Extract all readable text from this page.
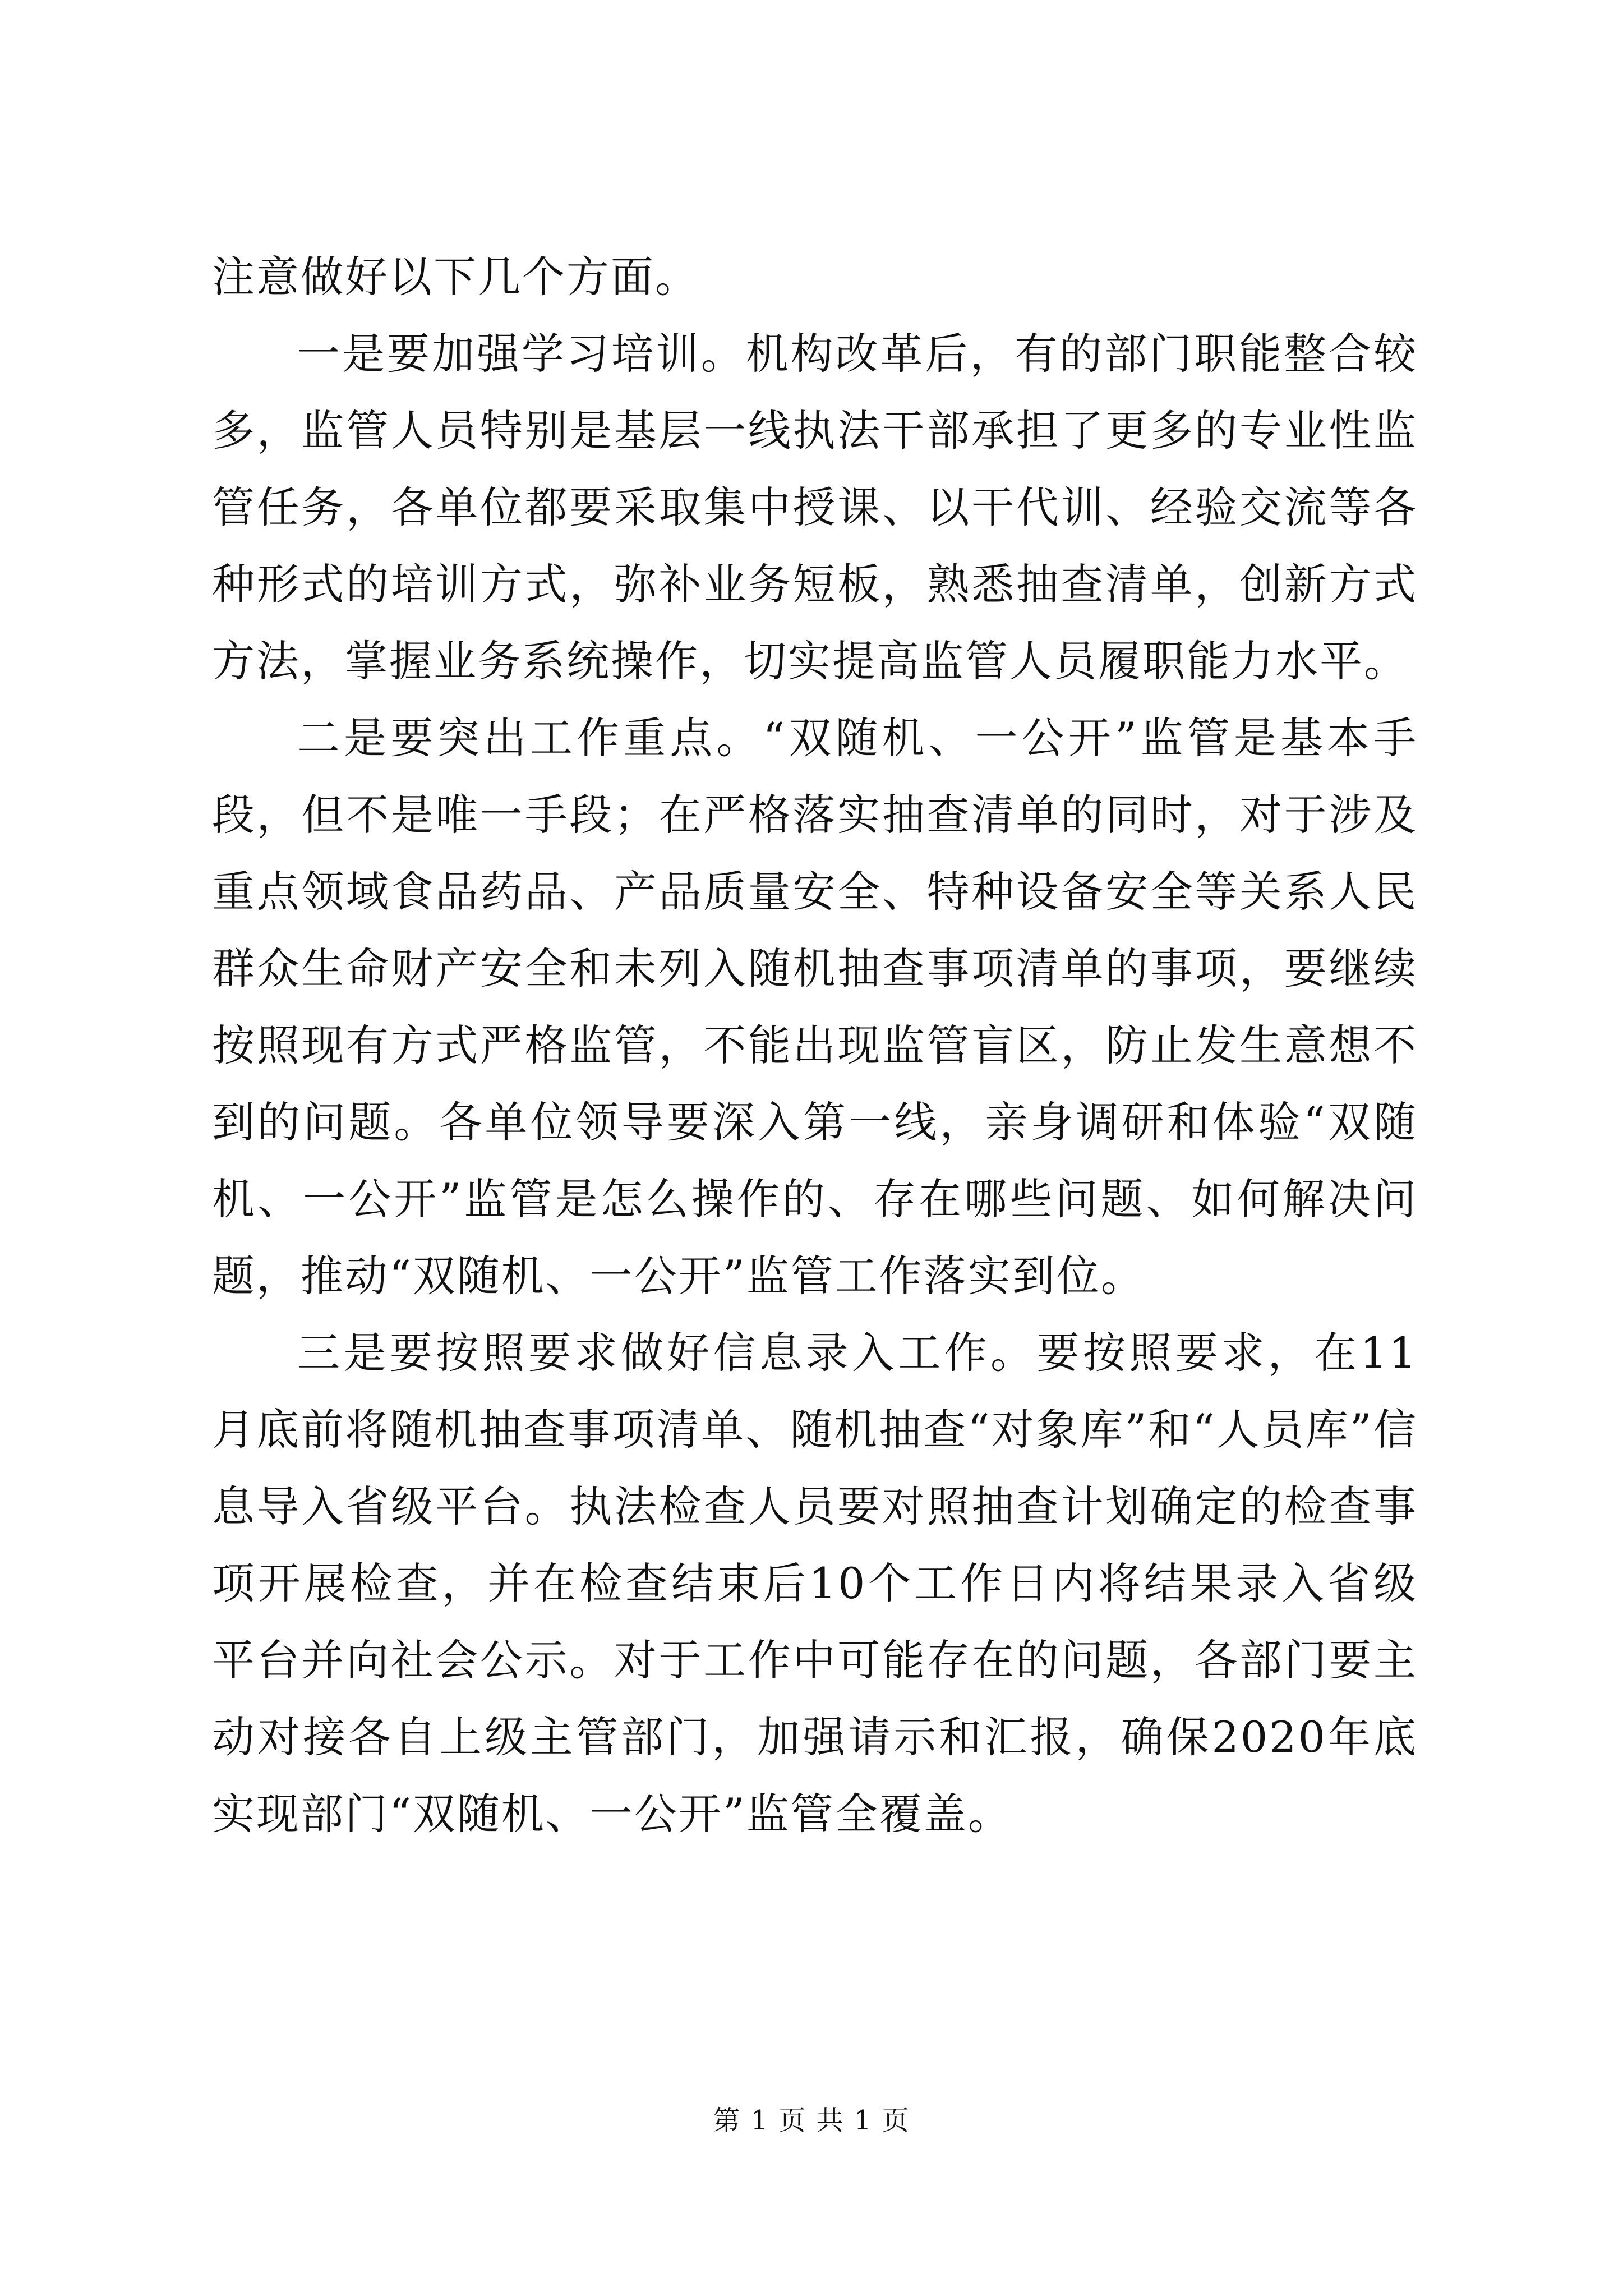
注意做好以下几个方面。

一是要加强学习培训。机构改革后，有的部门职能整合较多，监管人员特别是基层一线执法干部承担了更多的专业性监管任务，各单位都要采取集中授课、以干代训、经验交流等各种形式的培训方式，弥补业务短板，熟悉抽查清单，创新方式方法，掌握业务系统操作，切实提高监管人员履职能力水平。

二是要突出工作重点。“双随机、一公开”监管是基本手段，但不是唯一手段；在严格落实抽查清单的同时，对于涉及重点领域食品药品、产品质量安全、特种设备安全等关系人民群众生命财产安全和未列入随机抽查事项清单的事项，要继续按照现有方式严格监管，不能出现监管盲区，防止发生意想不到的问题。各单位领导要深入第一线，亲身调研和体验“双随机、一公开”监管是怎么操作的、存在哪些问题、如何解决问题，推动“双随机、一公开”监管工作落实到位。

三是要按照要求做好信息录入工作。要按照要求，在11月底前将随机抽查事项清单、随机抽查“对象库”和“人员库”信息导入省级平台。执法检查人员要对照抽查计划确定的检查事项开展检查，并在检查结束后10个工作日内将结果录入省级平台并向社会公示。对于工作中可能存在的问题，各部门要主动对接各自上级主管部门，加强请示和汇报，确保2020年底实现部门“双随机、一公开”监管全覆盖。

第 1 页 共 1 页
